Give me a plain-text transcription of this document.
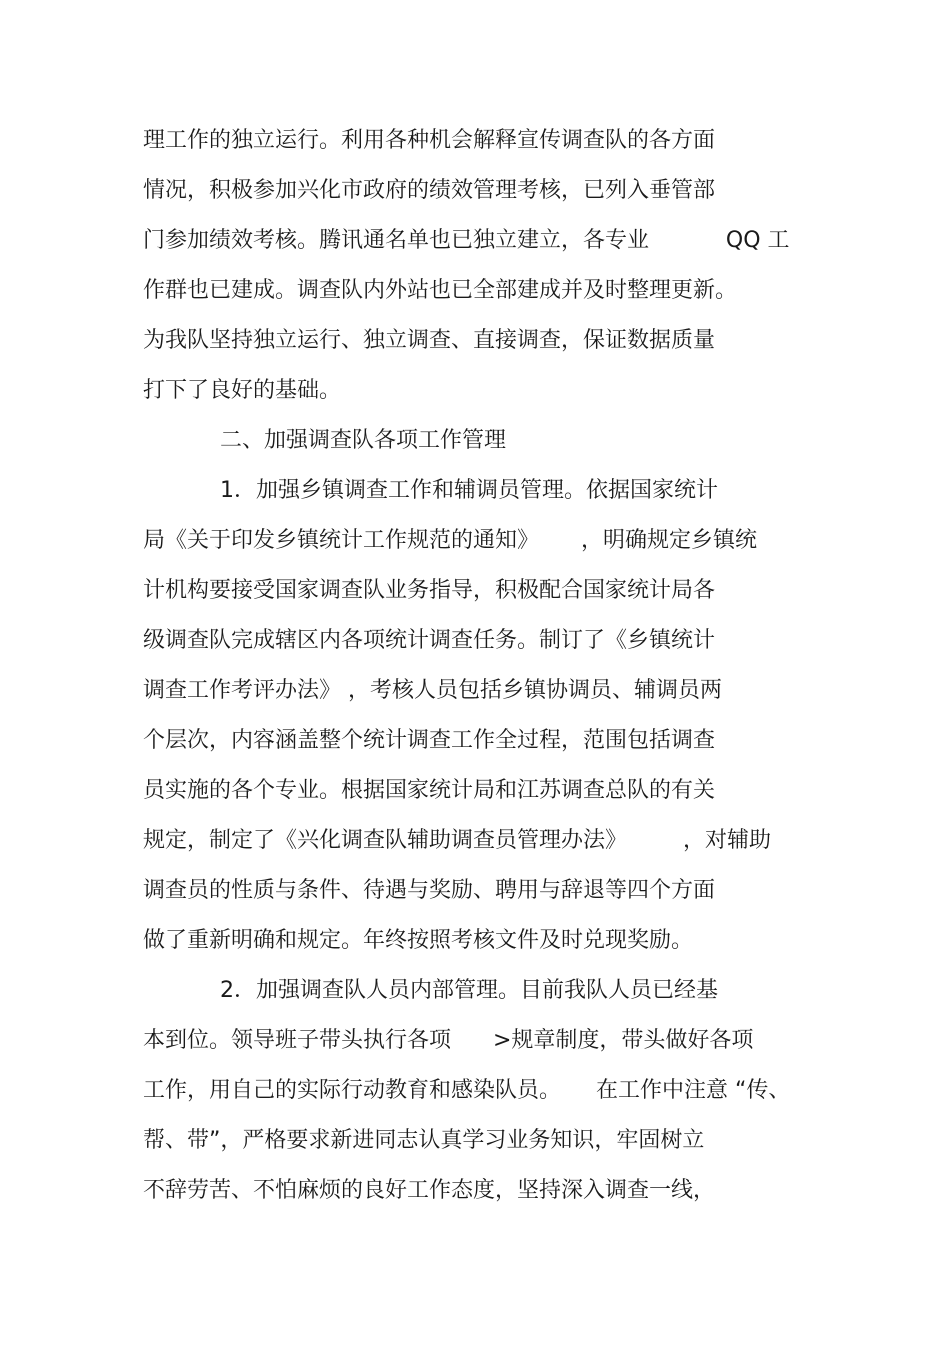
理工作的独立运行。利用各种机会解释宣传调查队的各方面
情况，积极参加兴化市政府的绩效管理考核，已列入垂管部
门参加绩效考核。腾讯通名单也已独立建立，各专业           QQ 工
作群也已建成。调查队内外站也已全部建成并及时整理更新。
为我队坚持独立运行、独立调查、直接调查，保证数据质量
打下了良好的基础。
二、加强调查队各项工作管理
1．加强乡镇调查工作和辅调员管理。依据国家统计
局《关于印发乡镇统计工作规范的通知》      ，明确规定乡镇统
计机构要接受国家调查队业务指导，积极配合国家统计局各
级调查队完成辖区内各项统计调查任务。制订了《乡镇统计
调查工作考评办法》 ，考核人员包括乡镇协调员、辅调员两
个层次，内容涵盖整个统计调查工作全过程，范围包括调查
员实施的各个专业。根据国家统计局和江苏调查总队的有关
规定，制定了《兴化调查队辅助调查员管理办法》        ，对辅助
调查员的性质与条件、待遇与奖励、聘用与辞退等四个方面
做了重新明确和规定。年终按照考核文件及时兑现奖励。
2．加强调查队人员内部管理。目前我队人员已经基
本到位。领导班子带头执行各项      >规章制度，带头做好各项
工作，用自己的实际行动教育和感染队员。     在工作中注意 “传、
帮、带”，严格要求新进同志认真学习业务知识，牢固树立
不辞劳苦、不怕麻烦的良好工作态度，坚持深入调查一线，
